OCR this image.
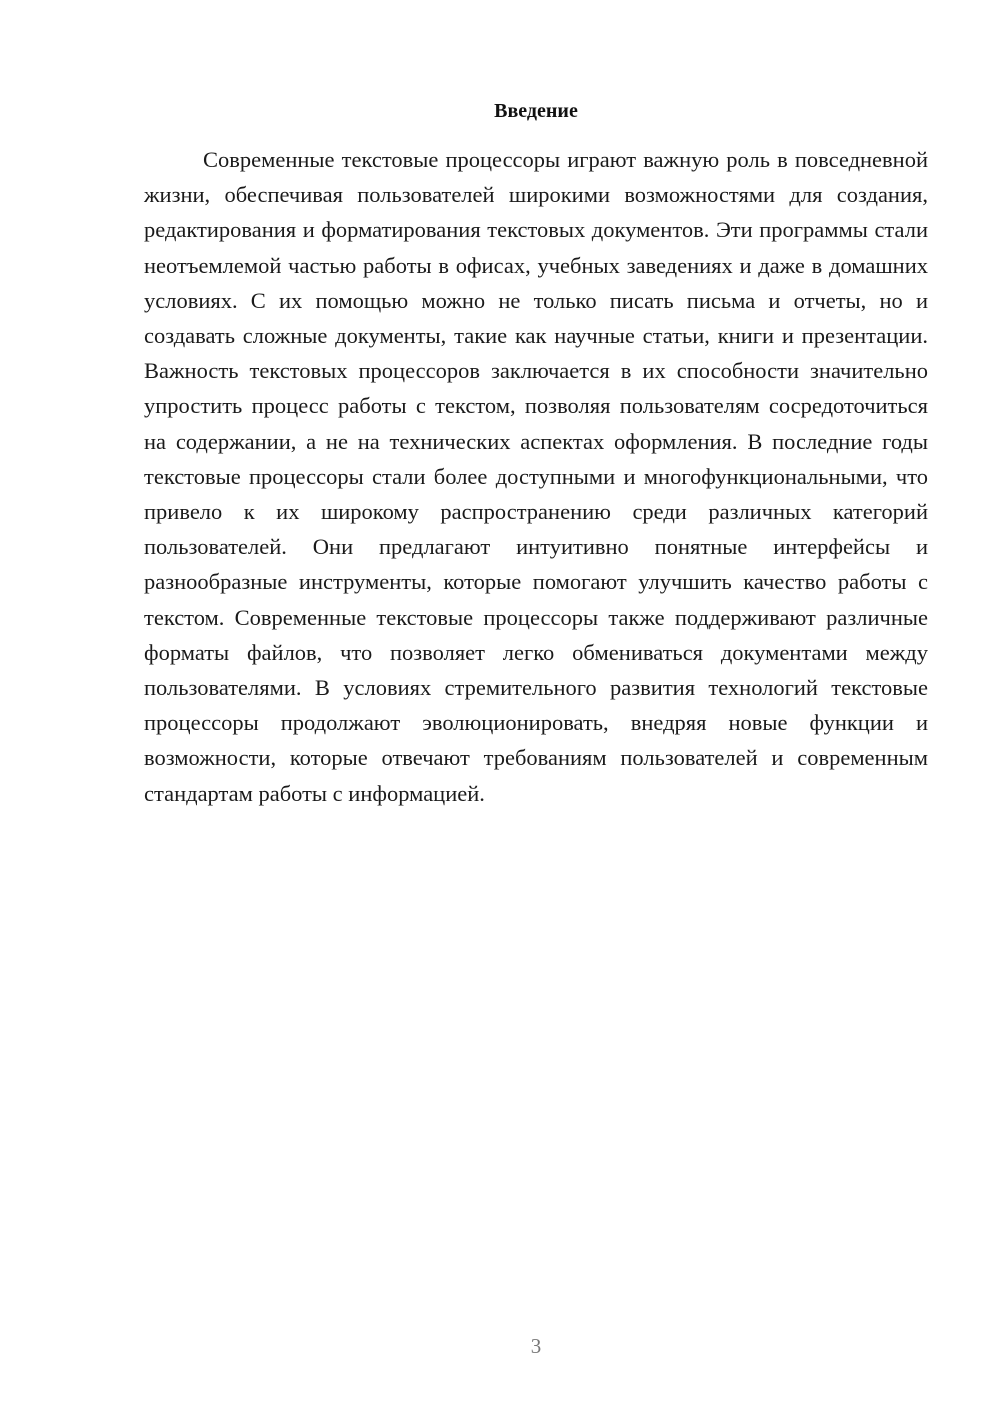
Введение

Современные текстовые процессоры играют важную роль в повседневной жизни, обеспечивая пользователей широкими возможностями для создания, редактирования и форматирования текстовых документов. Эти программы стали неотъемлемой частью работы в офисах, учебных заведениях и даже в домашних условиях. С их помощью можно не только писать письма и отчеты, но и создавать сложные документы, такие как научные статьи, книги и презентации. Важность текстовых процессоров заключается в их способности значительно упростить процесс работы с текстом, позволяя пользователям сосредоточиться на содержании, а не на технических аспектах оформления. В последние годы текстовые процессоры стали более доступными и многофункциональными, что привело к их широкому распространению среди различных категорий пользователей. Они предлагают интуитивно понятные интерфейсы и разнообразные инструменты, которые помогают улучшить качество работы с текстом. Современные текстовые процессоры также поддерживают различные форматы файлов, что позволяет легко обмениваться документами между пользователями. В условиях стремительного развития технологий текстовые процессоры продолжают эволюционировать, внедряя новые функции и возможности, которые отвечают требованиям пользователей и современным стандартам работы с информацией.

3
